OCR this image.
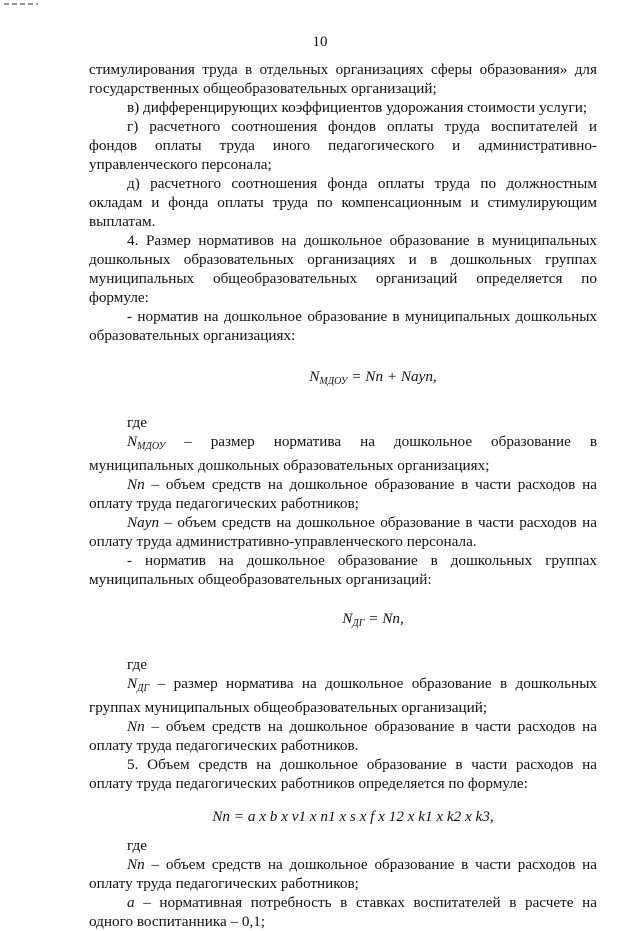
10

стимулирования труда в отдельных организациях сферы образования» для государственных общеобразовательных организаций;

в) дифференцирующих коэффициентов удорожания стоимости услуги;

г) расчетного соотношения фондов оплаты труда воспитателей и фондов оплаты труда иного педагогического и административно-управленческого персонала;

д) расчетного соотношения фонда оплаты труда по должностным окладам и фонда оплаты труда по компенсационным и стимулирующим выплатам.

4. Размер нормативов на дошкольное образование в муниципальных дошкольных образовательных организациях и в дошкольных группах муниципальных общеобразовательных организаций определяется по формуле:

- норматив на дошкольное образование в муниципальных дошкольных образовательных организациях:

$N_{МДОУ} = Nn$ + Nayn,

где

$N_{МДОУ}$ – размер норматива на дошкольное образование в муниципальных дошкольных образовательных организациях;

Nn – объем средств на дошкольное образование в части расходов на оплату труда педагогических работников;

Nayn – объем средств на дошкольное образование в части расходов на оплату труда административно-управленческого персонала.

- норматив на дошкольное образование в дошкольных группах муниципальных общеобразовательных организаций:

$N_{ДГ} = Nn$,

где

$N_{ДГ}$ – размер норматива на дошкольное образование в дошкольных группах муниципальных общеобразовательных организаций;

Nn – объем средств на дошкольное образование в части расходов на оплату труда педагогических работников.

5. Объем средств на дошкольное образование в части расходов на оплату труда педагогических работников определяется по формуле:

Nn = a x b x v1 x n1 x s x f x 12 x k1 x k2 x k3,

где

Nn – объем средств на дошкольное образование в части расходов на оплату труда педагогических работников;

а – нормативная потребность в ставках воспитателей в расчете на одного воспитанника – 0,1;
